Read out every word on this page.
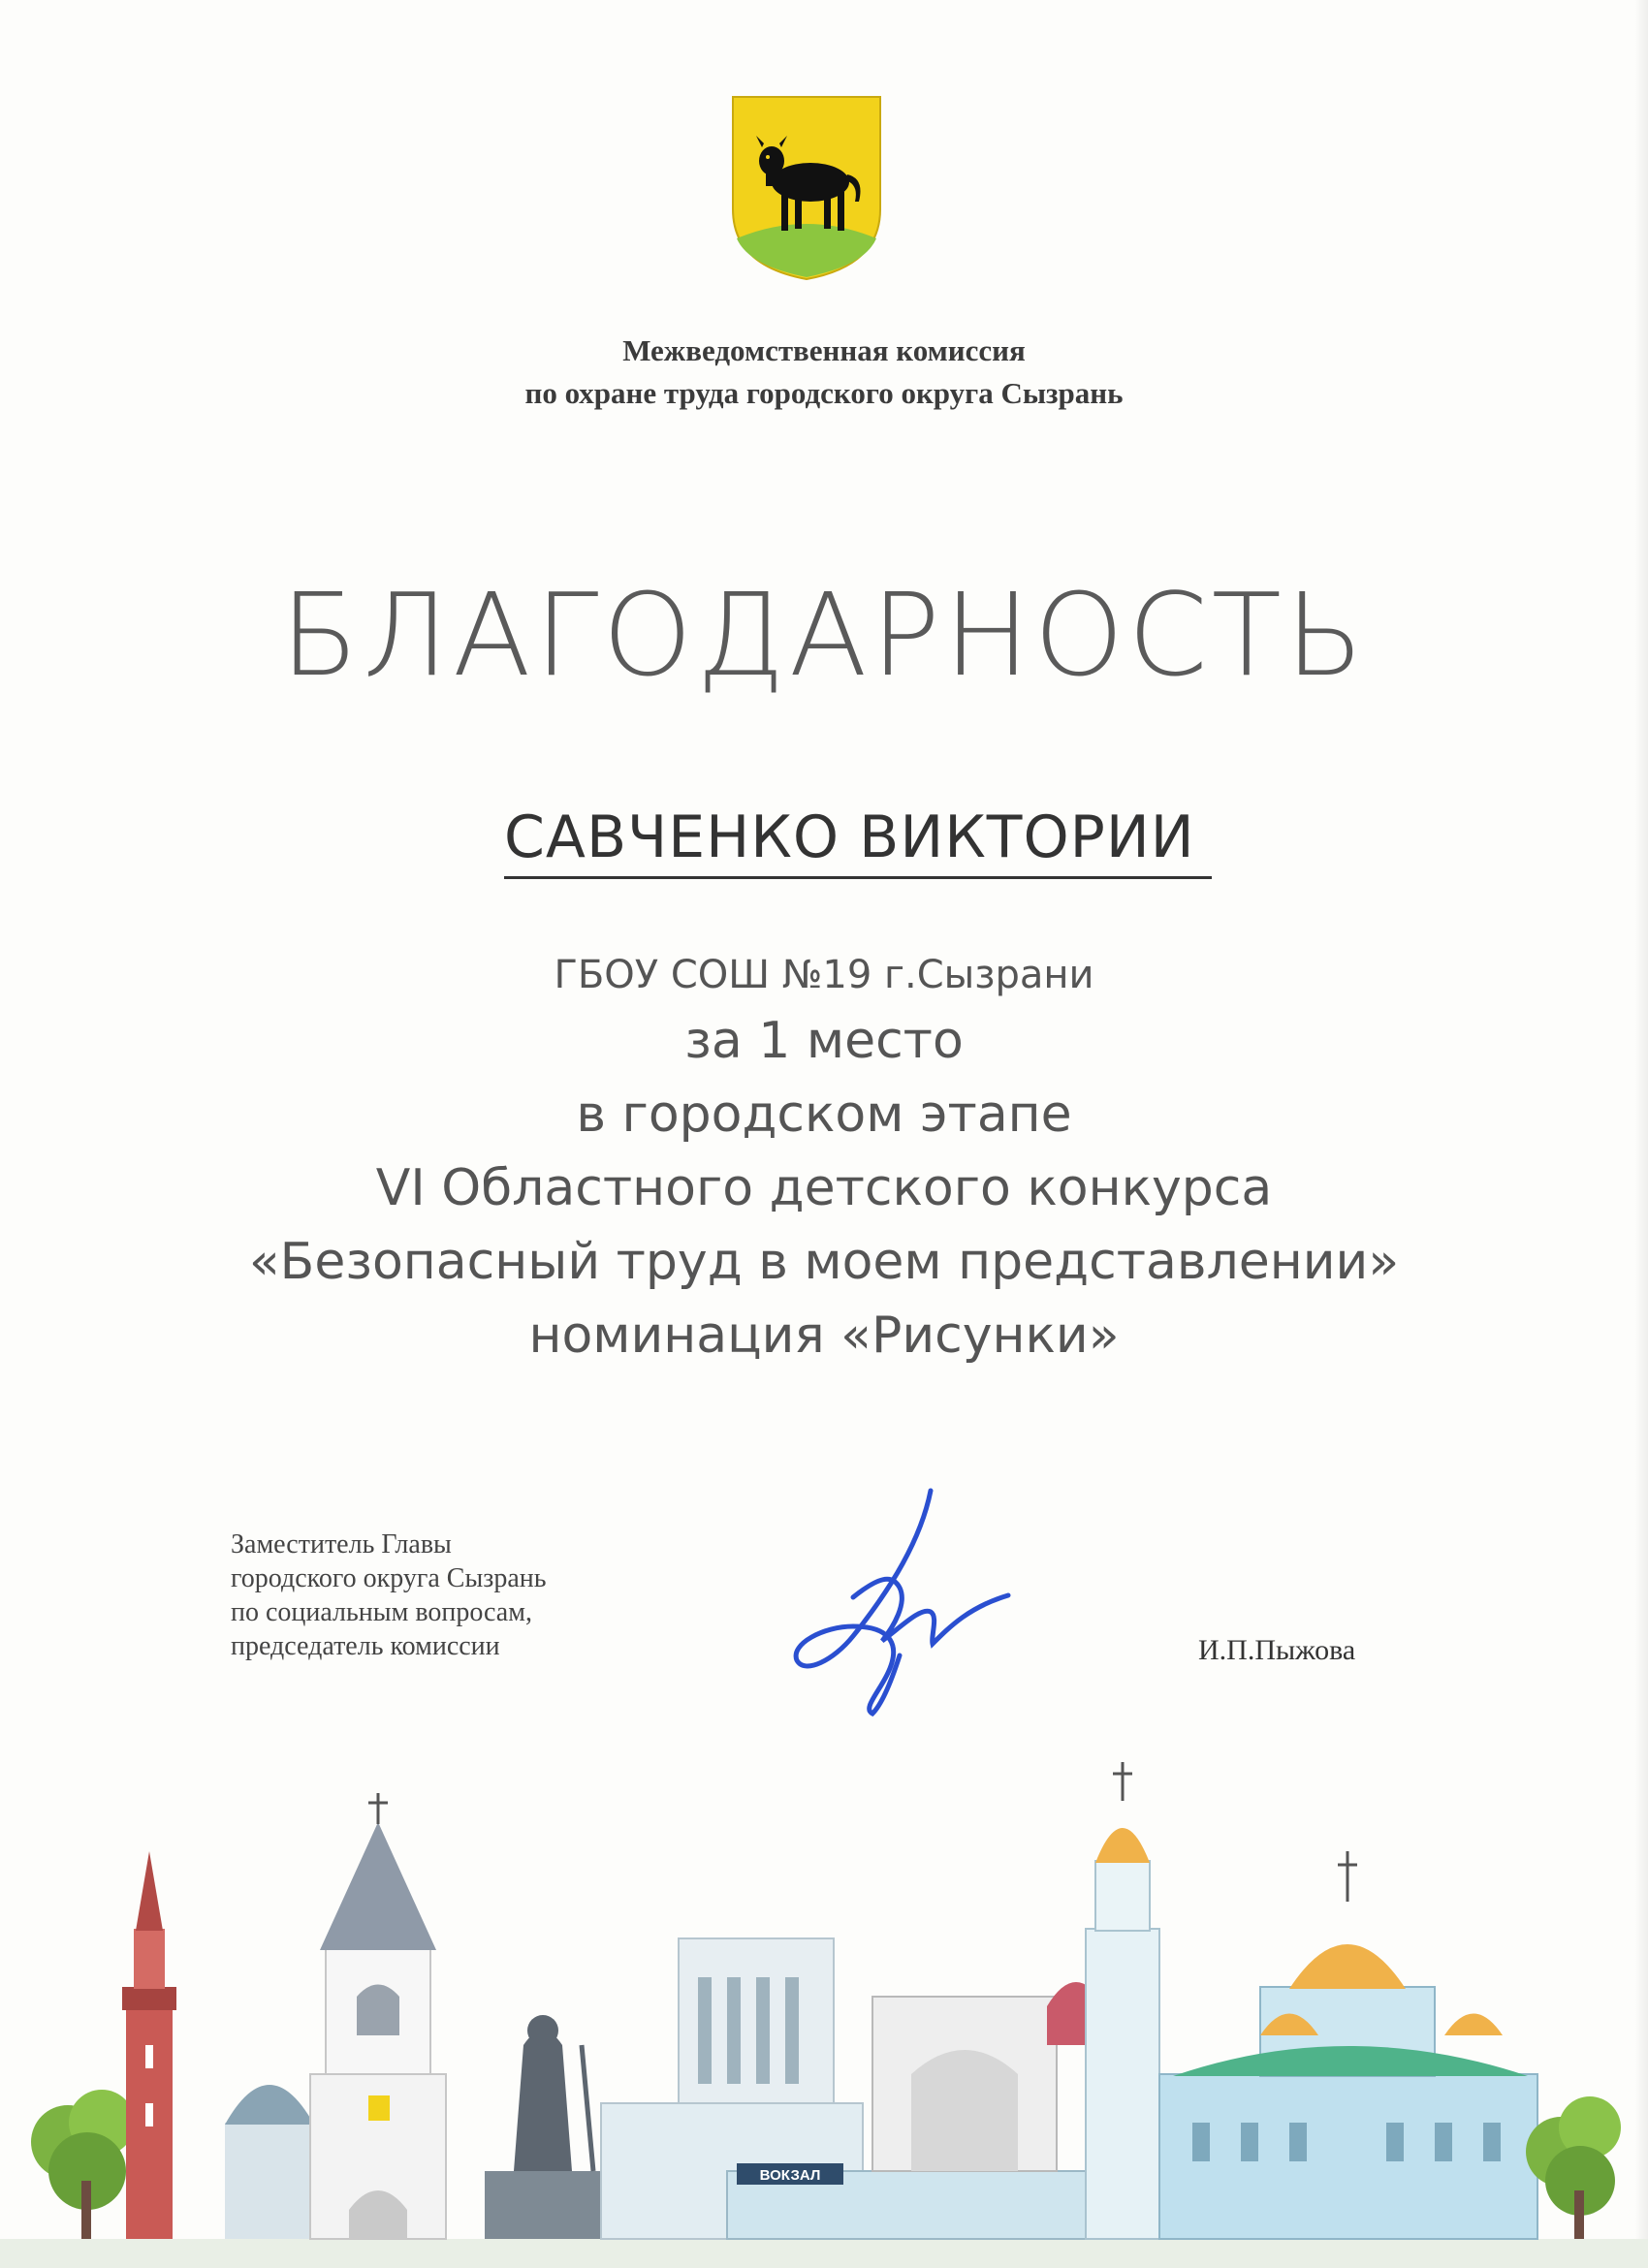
Межведомственная комиссия
по охране труда городского округа Сызрань
БЛАГОДАРНОСТЬ
САВЧЕНКО ВИКТОРИИ
ГБОУ СОШ №19 г.Сызрани
за 1 место
в городском этапе
VI Областного детского конкурса
«Безопасный труд в моем представлении»
номинация «Рисунки»
Заместитель Главы
городского округа Сызрань
по социальным вопросам,
председатель комиссии	И.П.Пыжова
ВОКЗАЛ
